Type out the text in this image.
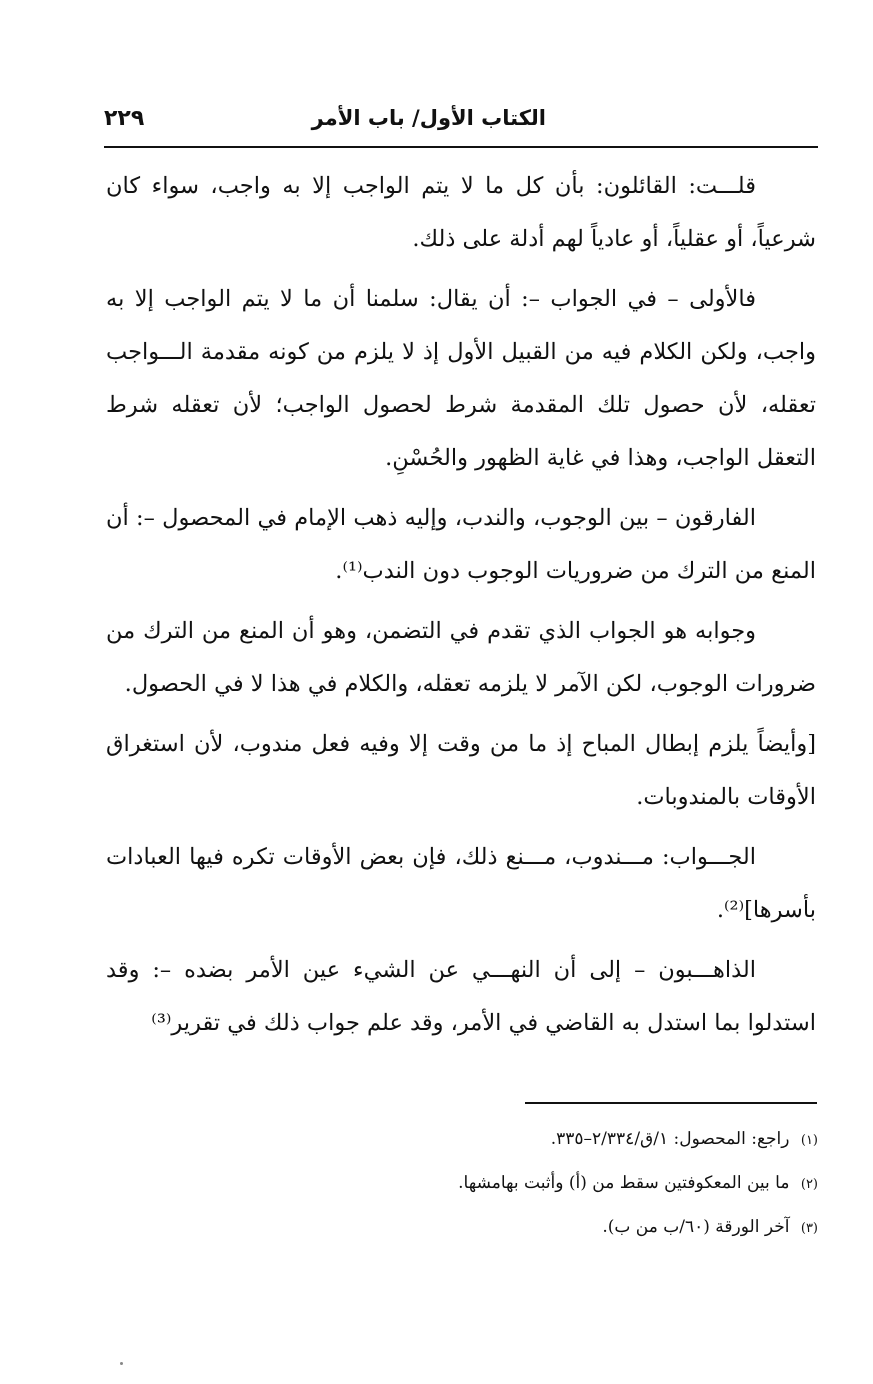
الكتاب الأول/ باب الأمر
٢٢٩

قلـــت: القائلون: بأن كل ما لا يتم الواجب إلا به واجب، سواء كان شرعياً، أو عقلياً، أو عادياً لهم أدلة على ذلك.

فالأولى – في الجواب –: أن يقال: سلمنا أن ما لا يتم الواجب إلا به واجب، ولكن الكلام فيه من القبيل الأول إذ لا يلزم من كونه مقدمة الـــواجب تعقله، لأن حصول تلك المقدمة شرط لحصول الواجب؛ لأن تعقله شرط التعقل الواجب، وهذا في غاية الظهور والحُسْنِ.

الفارقون – بين الوجوب، والندب، وإليه ذهب الإمام في المحصول –: أن المنع من الترك من ضروريات الوجوب دون الندب⁽¹⁾.

وجوابه هو الجواب الذي تقدم في التضمن، وهو أن المنع من الترك من ضرورات الوجوب، لكن الآمر لا يلزمه تعقله، والكلام في هذا لا في الحصول.

[وأيضاً يلزم إبطال المباح إذ ما من وقت إلا وفيه فعل مندوب، لأن استغراق الأوقات بالمندوبات.

الجـــواب: مـــندوب، مـــنع ذلك، فإن بعض الأوقات تكره فيها العبادات بأسرها]⁽²⁾.

الذاهـــبون – إلى أن النهـــي عن الشيء عين الأمر بضده –: وقد استدلوا بما استدل به القاضي في الأمر، وقد علم جواب ذلك في تقرير⁽³⁾

(١) راجع: المحصول: ١/ق/٢/٣٣٤–٣٣٥.

(٢) ما بين المعكوفتين سقط من (أ) وأثبت بهامشها.

(٣) آخر الورقة (٦٠/ب من ب).
